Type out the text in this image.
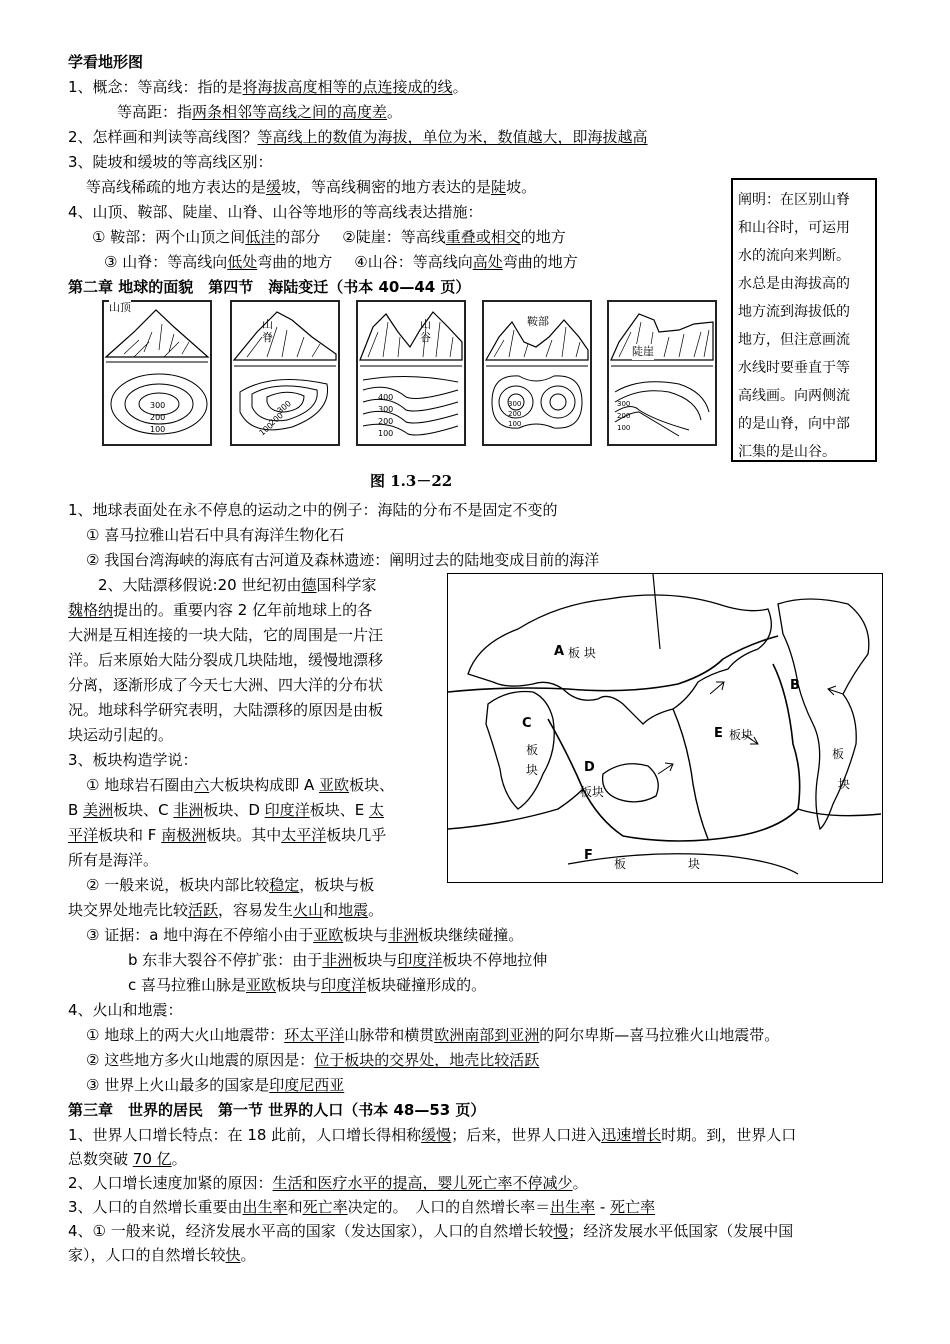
学看地形图
1、概念：等高线：指的是将海拔高度相等的点连接成的线。
等高距：指两条相邻等高线之间的高度差。
2、怎样画和判读等高线图？等高线上的数值为海拔，单位为米，数值越大，即海拔越高
3、陡坡和缓坡的等高线区别：
等高线稀疏的地方表达的是缓坡，等高线稠密的地方表达的是陡坡。
4、山顶、鞍部、陡崖、山脊、山谷等地形的等高线表达措施：
① 鞍部：两个山顶之间低洼的部分 ②陡崖：等高线重叠或相交的地方
③ 山脊：等高线向低处弯曲的地方 ④山谷：等高线向高处弯曲的地方
阐明：在区别山脊
和山谷时，可运用
水的流向来判断。
水总是由海拔高的
地方流到海拔低的
地方，但注意画流
水线时要垂直于等
高线画。向两侧流
的是山脊，向中部
汇集的是山谷。
第二章 地球的面貌　第四节　海陆变迁（书本 40—44 页）
300
200
100
山顶
300
200
100
山脊
400
300
200
100
山谷
300
200
100
鞍部
300
200
100
陡崖
图 1.3－22
1、地球表面处在永不停息的运动之中的例子：海陆的分布不是固定不变的
① 喜马拉雅山岩石中具有海洋生物化石
② 我国台湾海峡的海底有古河道及森林遗迹：阐明过去的陆地变成目前的海洋
2、大陆漂移假说:20 世纪初由德国科学家
魏格纳提出的。重要内容 2 亿年前地球上的各
大洲是互相连接的一块大陆，它的周围是一片汪
洋。后来原始大陆分裂成几块陆地，缓慢地漂移
分离，逐渐形成了今天七大洲、四大洋的分布状
况。地球科学研究表明，大陆漂移的原因是由板
块运动引起的。
3、板块构造学说：
① 地球岩石圈由六大板块构成即 A 亚欧板块、
B 美洲板块、C 非洲板块、D 印度洋板块、E 太
平洋板块和 F 南极洲板块。其中太平洋板块几乎
所有是海洋。
② 一般来说，板块内部比较稳定，板块与板
块交界处地壳比较活跃，容易发生火山和地震。
A 板 块
B
板
块
C
板
块	D
板块
E 板块
F
板	块
③ 证据：a 地中海在不停缩小由于亚欧板块与非洲板块继续碰撞。
b 东非大裂谷不停扩张：由于非洲板块与印度洋板块不停地拉伸
c 喜马拉雅山脉是亚欧板块与印度洋板块碰撞形成的。
4、火山和地震：
① 地球上的两大火山地震带：环太平洋山脉带和横贯欧洲南部到亚洲的阿尔卑斯—喜马拉雅火山地震带。
② 这些地方多火山地震的原因是：位于板块的交界处，地壳比较活跃
③ 世界上火山最多的国家是印度尼西亚
第三章　世界的居民　第一节 世界的人口（书本 48—53 页）
1、世界人口增长特点：在 18 此前，人口增长得相称缓慢；后来，世界人口进入迅速增长时期。到，世界人口
总数突破 70 亿。
2、人口增长速度加紧的原因：生活和医疗水平的提高，婴儿死亡率不停减少。
3、人口的自然增长重要由出生率和死亡率决定的。　人口的自然增长率＝出生率 - 死亡率
4、① 一般来说，经济发展水平高的国家（发达国家），人口的自然增长较慢；经济发展水平低国家（发展中国
家），人口的自然增长较快。
